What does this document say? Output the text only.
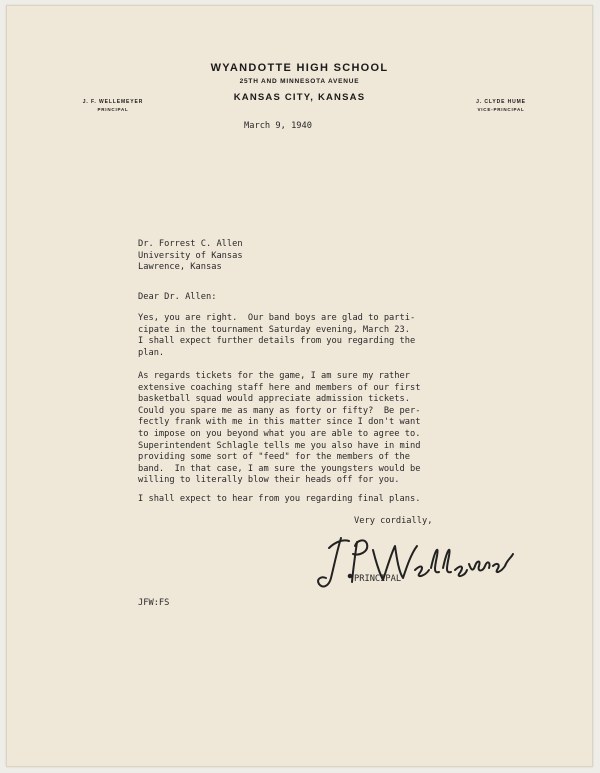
WYANDOTTE HIGH SCHOOL
25TH AND MINNESOTA AVENUE
KANSAS CITY, KANSAS
J. F. WELLEMEYER
PRINCIPAL
J. CLYDE HUME
VICE-PRINCIPAL
March 9, 1940
Dr. Forrest C. Allen
University of Kansas
Lawrence, Kansas
Dear Dr. Allen:
Yes, you are right.  Our band boys are glad to parti-
cipate in the tournament Saturday evening, March 23.
I shall expect further details from you regarding the
plan.
As regards tickets for the game, I am sure my rather
extensive coaching staff here and members of our first
basketball squad would appreciate admission tickets.
Could you spare me as many as forty or fifty?  Be per-
fectly frank with me in this matter since I don't want
to impose on you beyond what you are able to agree to.
Superintendent Schlagle tells me you also have in mind
providing some sort of "feed" for the members of the
band.  In that case, I am sure the youngsters would be
willing to literally blow their heads off for you.
I shall expect to hear from you regarding final plans.
Very cordially,
PRINCIPAL
JFW:FS
